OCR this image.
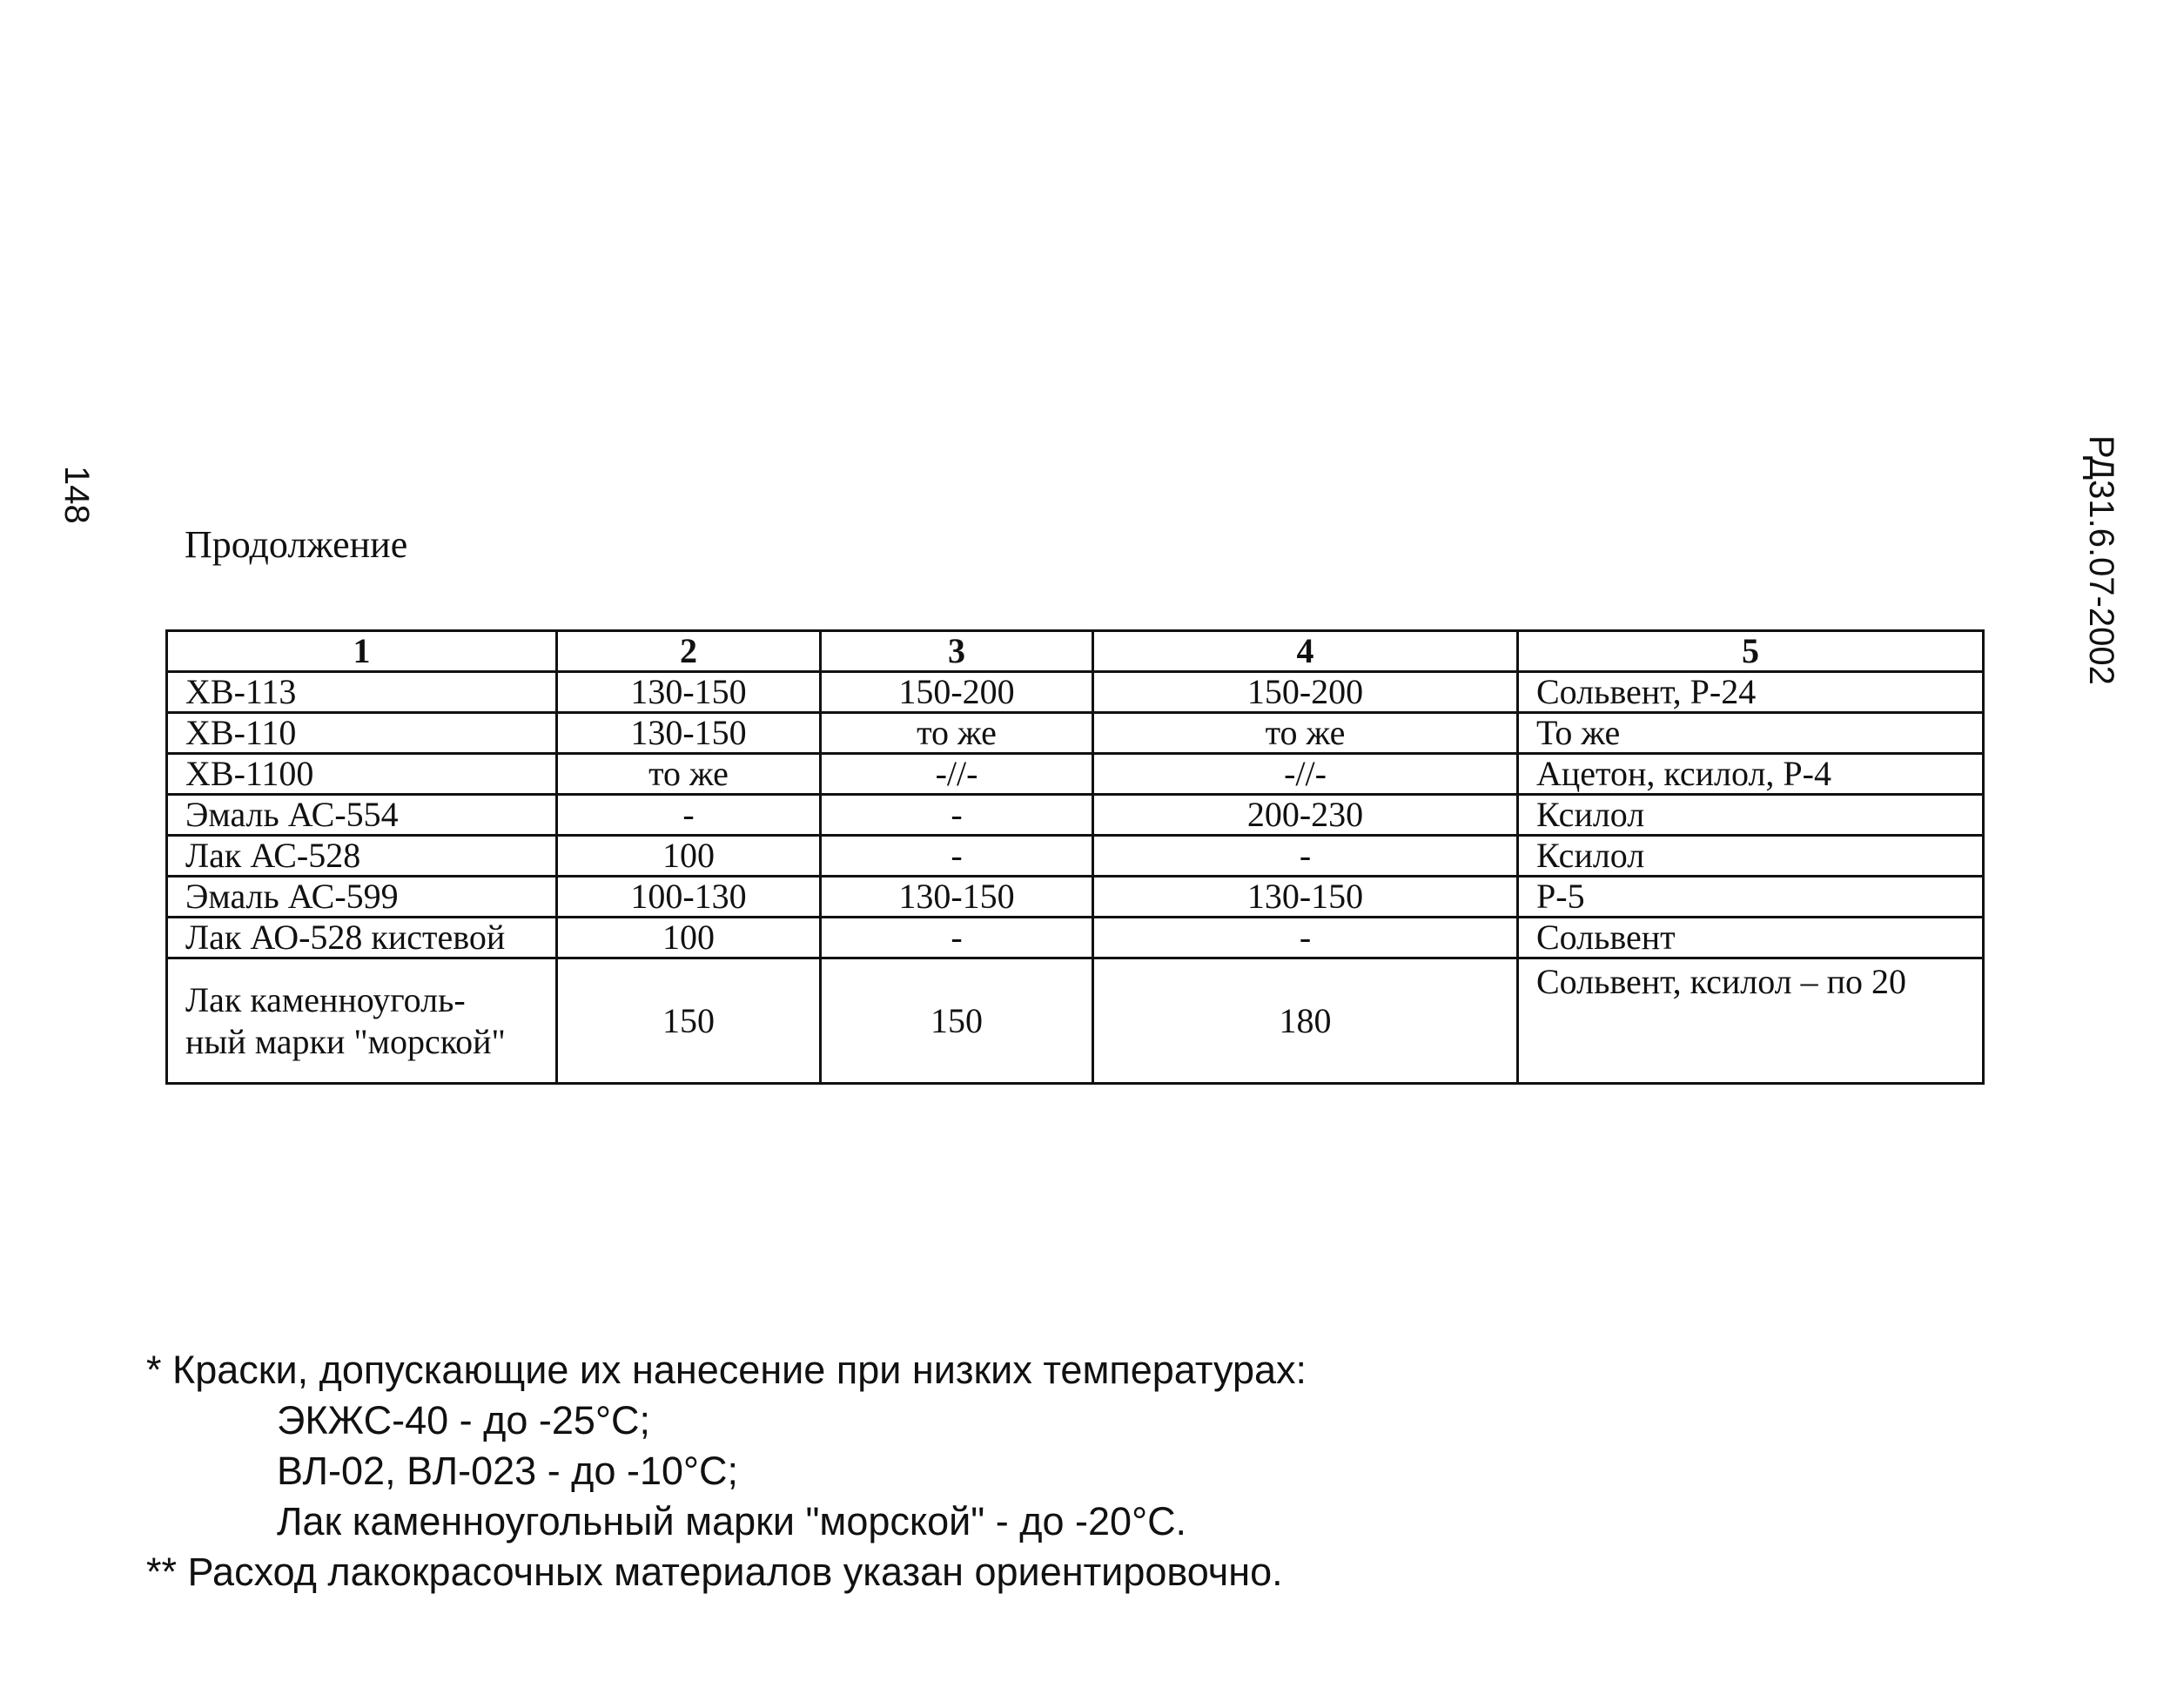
148	РД31.6.07-2002
Продолжение
1	2	3	4	5
ХВ-113	130-150	150-200	150-200	Сольвент, Р-24
ХВ-110	130-150	то же	то же	То же
ХВ-1100	то же	-//-	-//-	Ацетон, ксилол, Р-4
Эмаль АС-554	-	-	200-230	Ксилол
Лак АС-528	100	-	-	Ксилол
Эмаль АС-599	100-130	130-150	130-150	Р-5
Лак АО-528 кистевой	100	-	-	Сольвент
Лак каменноуголь-
ный марки "морской"	150	150	180	Сольвент, ксилол – по 20
* Краски, допускающие их нанесение при низких температурах:
ЭКЖС-40 - до -25°С;
ВЛ-02, ВЛ-023 - до -10°С;
Лак каменноугольный марки "морской" - до -20°С.
** Расход лакокрасочных материалов указан ориентировочно.
